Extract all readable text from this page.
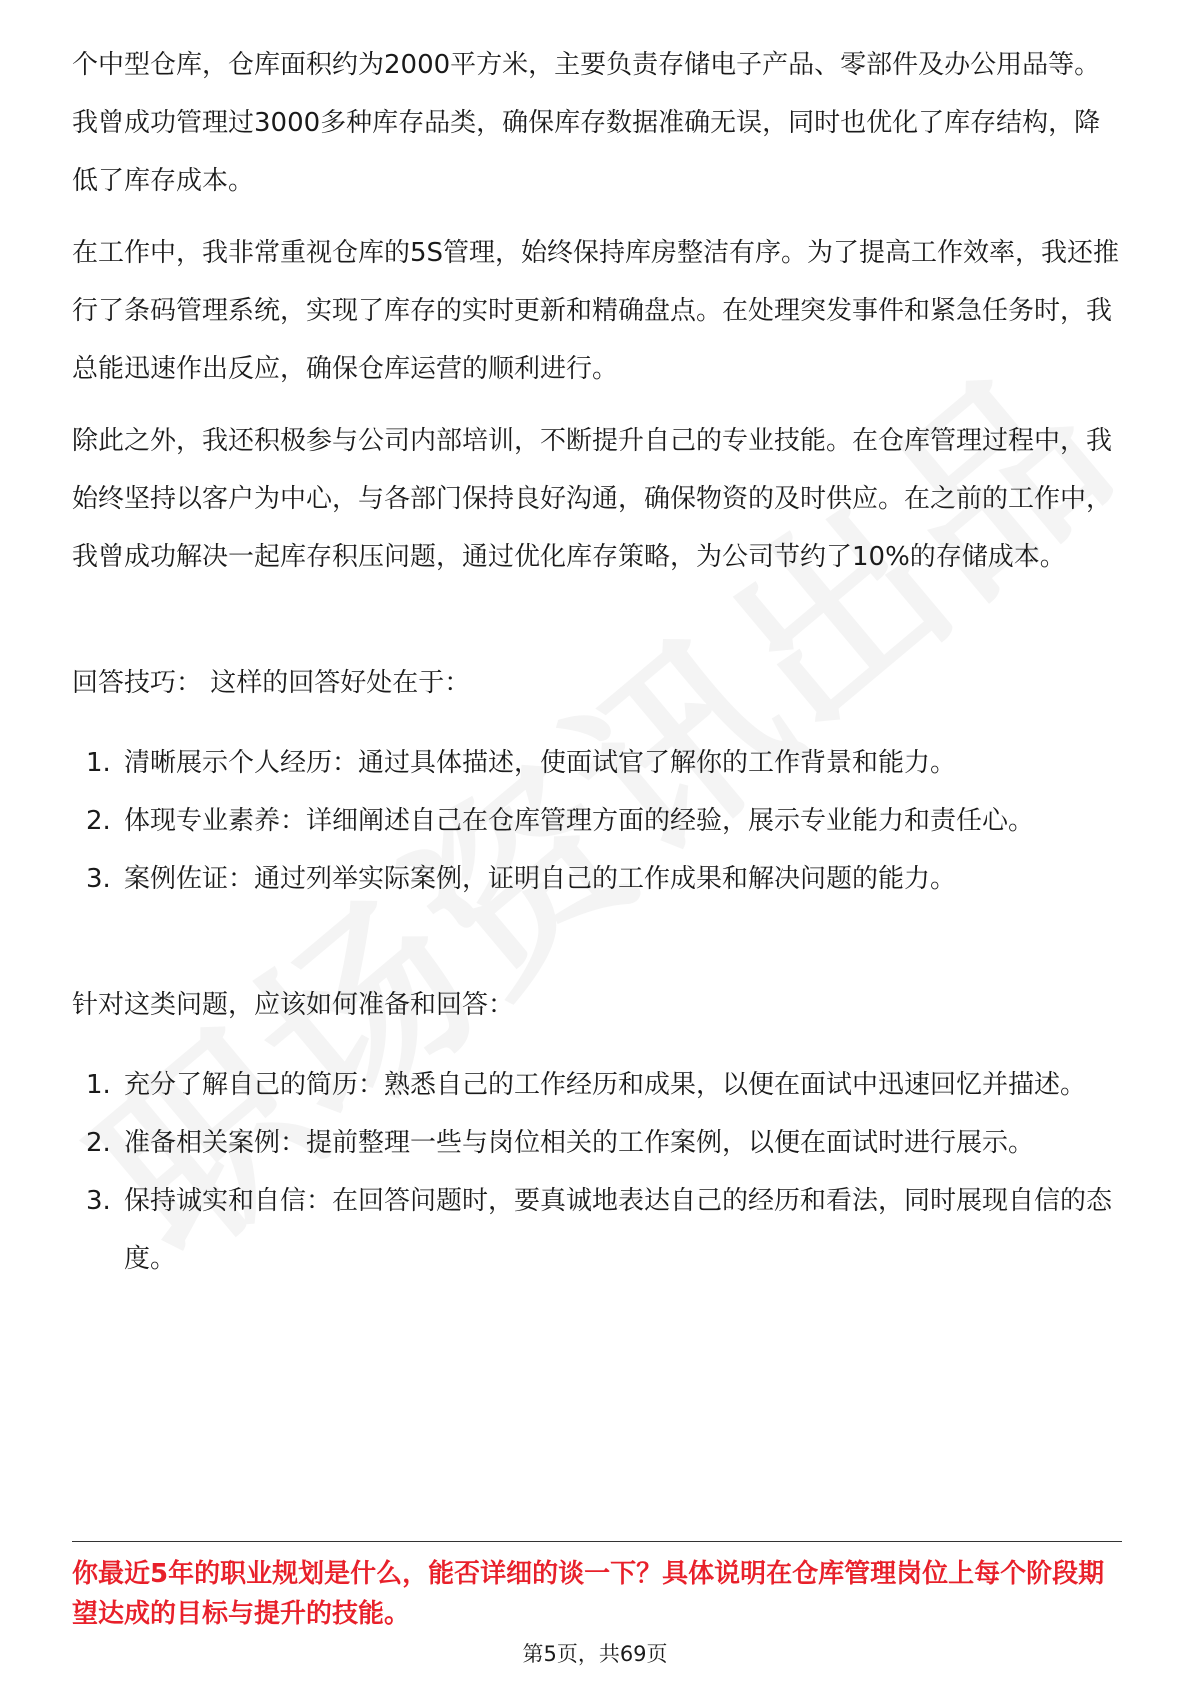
个中型仓库，仓库面积约为2000平方米，主要负责存储电子产品、零部件及办公用品等。我曾成功管理过3000多种库存品类，确保库存数据准确无误，同时也优化了库存结构，降低了库存成本。

在工作中，我非常重视仓库的5S管理，始终保持库房整洁有序。为了提高工作效率，我还推行了条码管理系统，实现了库存的实时更新和精确盘点。在处理突发事件和紧急任务时，我总能迅速作出反应，确保仓库运营的顺利进行。

除此之外，我还积极参与公司内部培训，不断提升自己的专业技能。在仓库管理过程中，我始终坚持以客户为中心，与各部门保持良好沟通，确保物资的及时供应。在之前的工作中，我曾成功解决一起库存积压问题，通过优化库存策略，为公司节约了10%的存储成本。

回答技巧： 这样的回答好处在于：

1. 清晰展示个人经历：通过具体描述，使面试官了解你的工作背景和能力。
2. 体现专业素养：详细阐述自己在仓库管理方面的经验，展示专业能力和责任心。
3. 案例佐证：通过列举实际案例，证明自己的工作成果和解决问题的能力。

针对这类问题，应该如何准备和回答：

1. 充分了解自己的简历：熟悉自己的工作经历和成果，以便在面试中迅速回忆并描述。
2. 准备相关案例：提前整理一些与岗位相关的工作案例，以便在面试时进行展示。
3. 保持诚实和自信：在回答问题时，要真诚地表达自己的经历和看法，同时展现自信的态度。

你最近5年的职业规划是什么，能否详细的谈一下？具体说明在仓库管理岗位上每个阶段期望达成的目标与提升的技能。

第5页，共69页
